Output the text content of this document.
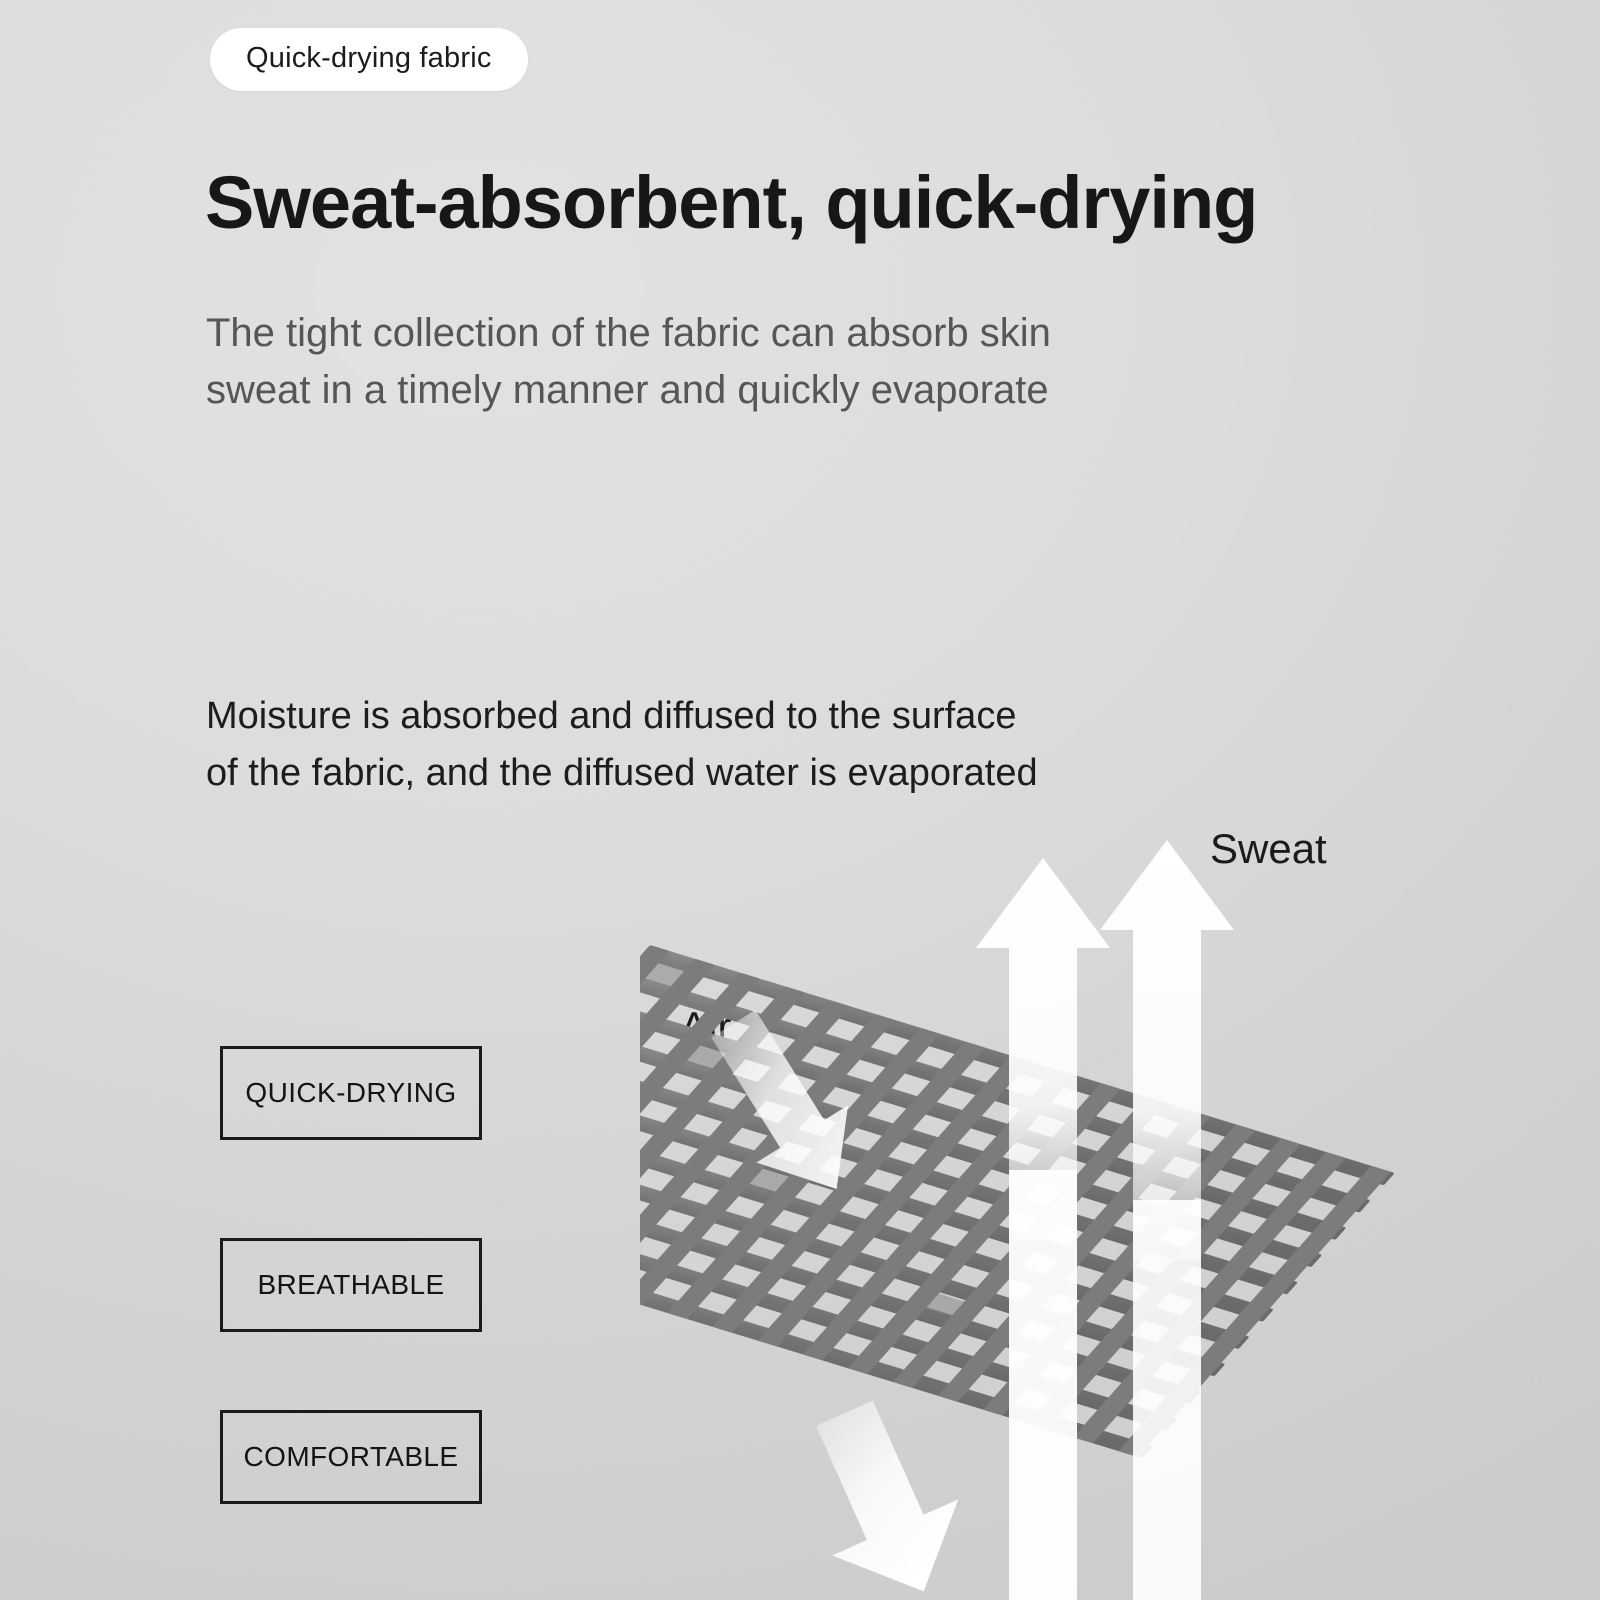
Quick-drying fabric
Sweat-absorbent, quick-drying
The tight collection of the fabric can absorb skin sweat in a timely manner and quickly evaporate
Moisture is absorbed and diffused to the surface of the fabric, and the diffused water is evaporated
QUICK-DRYING
BREATHABLE
COMFORTABLE
Sweat
